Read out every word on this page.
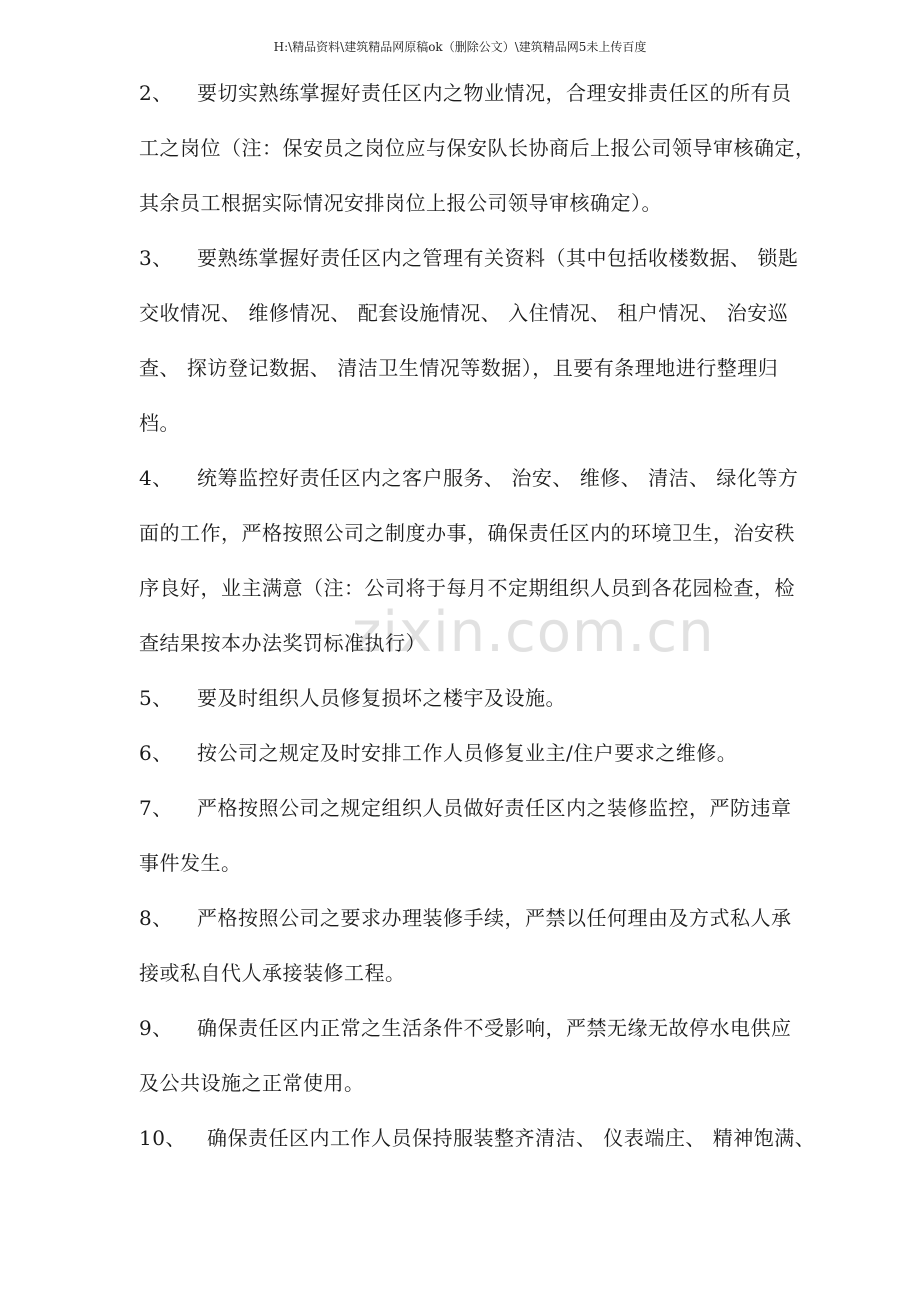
H:\精品资料\建筑精品网原稿ok（删除公文）\建筑精品网5未上传百度
zixin.com.cn
2、 要切实熟练掌握好责任区内之物业情况，合理安排责任区的所有员
工之岗位（注：保安员之岗位应与保安队长协商后上报公司领导审核确定，
其余员工根据实际情况安排岗位上报公司领导审核确定）。
3、 要熟练掌握好责任区内之管理有关资料（其中包括收楼数据、 锁匙
交收情况、 维修情况、 配套设施情况、 入住情况、 租户情况、 治安巡
查、 探访登记数据、 清洁卫生情况等数据），且要有条理地进行整理归
档。
4、 统筹监控好责任区内之客户服务、 治安、 维修、 清洁、 绿化等方
面的工作，严格按照公司之制度办事，确保责任区内的环境卫生，治安秩
序良好，业主满意（注：公司将于每月不定期组织人员到各花园检查，检
查结果按本办法奖罚标准执行）
5、 要及时组织人员修复损坏之楼宇及设施。
6、 按公司之规定及时安排工作人员修复业主/住户要求之维修。
7、 严格按照公司之规定组织人员做好责任区内之装修监控，严防违章
事件发生。
8、 严格按照公司之要求办理装修手续，严禁以任何理由及方式私人承
接或私自代人承接装修工程。
9、 确保责任区内正常之生活条件不受影响，严禁无缘无故停水电供应
及公共设施之正常使用。
10、 确保责任区内工作人员保持服装整齐清洁、 仪表端庄、 精神饱满、
